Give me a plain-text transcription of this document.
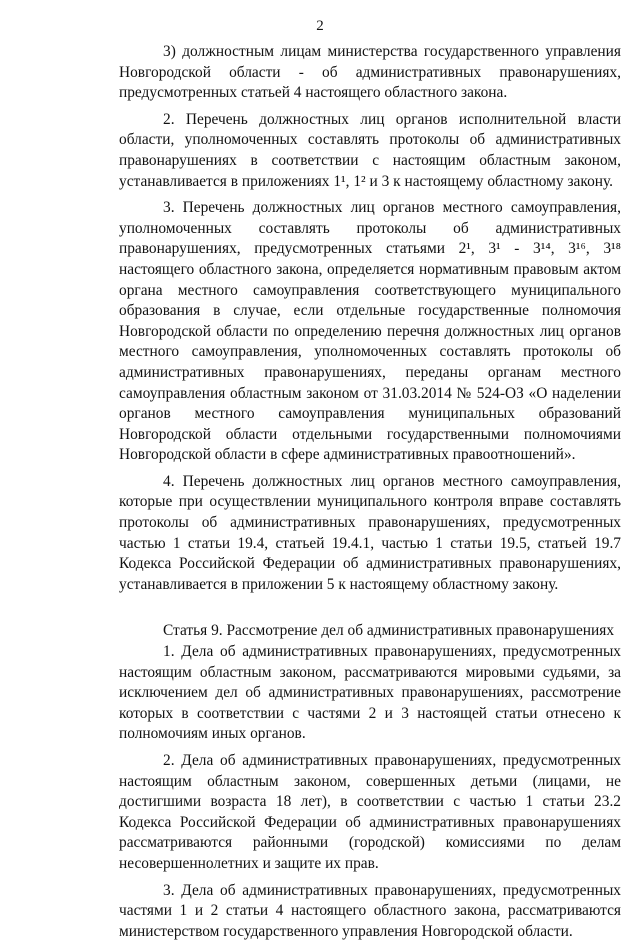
2

3) должностным лицам министерства государственного управления Новгородской области - об административных правонарушениях, предусмотренных статьей 4 настоящего областного закона.

2. Перечень должностных лиц органов исполнительной власти области, уполномоченных составлять протоколы об административных правонарушениях в соответствии с настоящим областным законом, устанавливается в приложениях 1¹, 1² и 3 к настоящему областному закону.

3. Перечень должностных лиц органов местного самоуправления, уполномоченных составлять протоколы об административных правонарушениях, предусмотренных статьями 2¹, 3¹ - 3¹⁴, 3¹⁶, 3¹⁸ настоящего областного закона, определяется нормативным правовым актом органа местного самоуправления соответствующего муниципального образования в случае, если отдельные государственные полномочия Новгородской области по определению перечня должностных лиц органов местного самоуправления, уполномоченных составлять протоколы об административных правонарушениях, переданы органам местного самоуправления областным законом от 31.03.2014 № 524-ОЗ «О наделении органов местного самоуправления муниципальных образований Новгородской области отдельными государственными полномочиями Новгородской области в сфере административных правоотношений».

4. Перечень должностных лиц органов местного самоуправления, которые при осуществлении муниципального контроля вправе составлять протоколы об административных правонарушениях, предусмотренных частью 1 статьи 19.4, статьей 19.4.1, частью 1 статьи 19.5, статьей 19.7 Кодекса Российской Федерации об административных правонарушениях, устанавливается в приложении 5 к настоящему областному закону.

Статья 9. Рассмотрение дел об административных правонарушениях

1. Дела об административных правонарушениях, предусмотренных настоящим областным законом, рассматриваются мировыми судьями, за исключением дел об административных правонарушениях, рассмотрение которых в соответствии с частями 2 и 3 настоящей статьи отнесено к полномочиям иных органов.

2. Дела об административных правонарушениях, предусмотренных настоящим областным законом, совершенных детьми (лицами, не достигшими возраста 18 лет), в соответствии с частью 1 статьи 23.2 Кодекса Российской Федерации об административных правонарушениях рассматриваются районными (городской) комиссиями по делам несовершеннолетних и защите их прав.

3. Дела об административных правонарушениях, предусмотренных частями 1 и 2 статьи 4 настоящего областного закона, рассматриваются министерством государственного управления Новгородской области.
